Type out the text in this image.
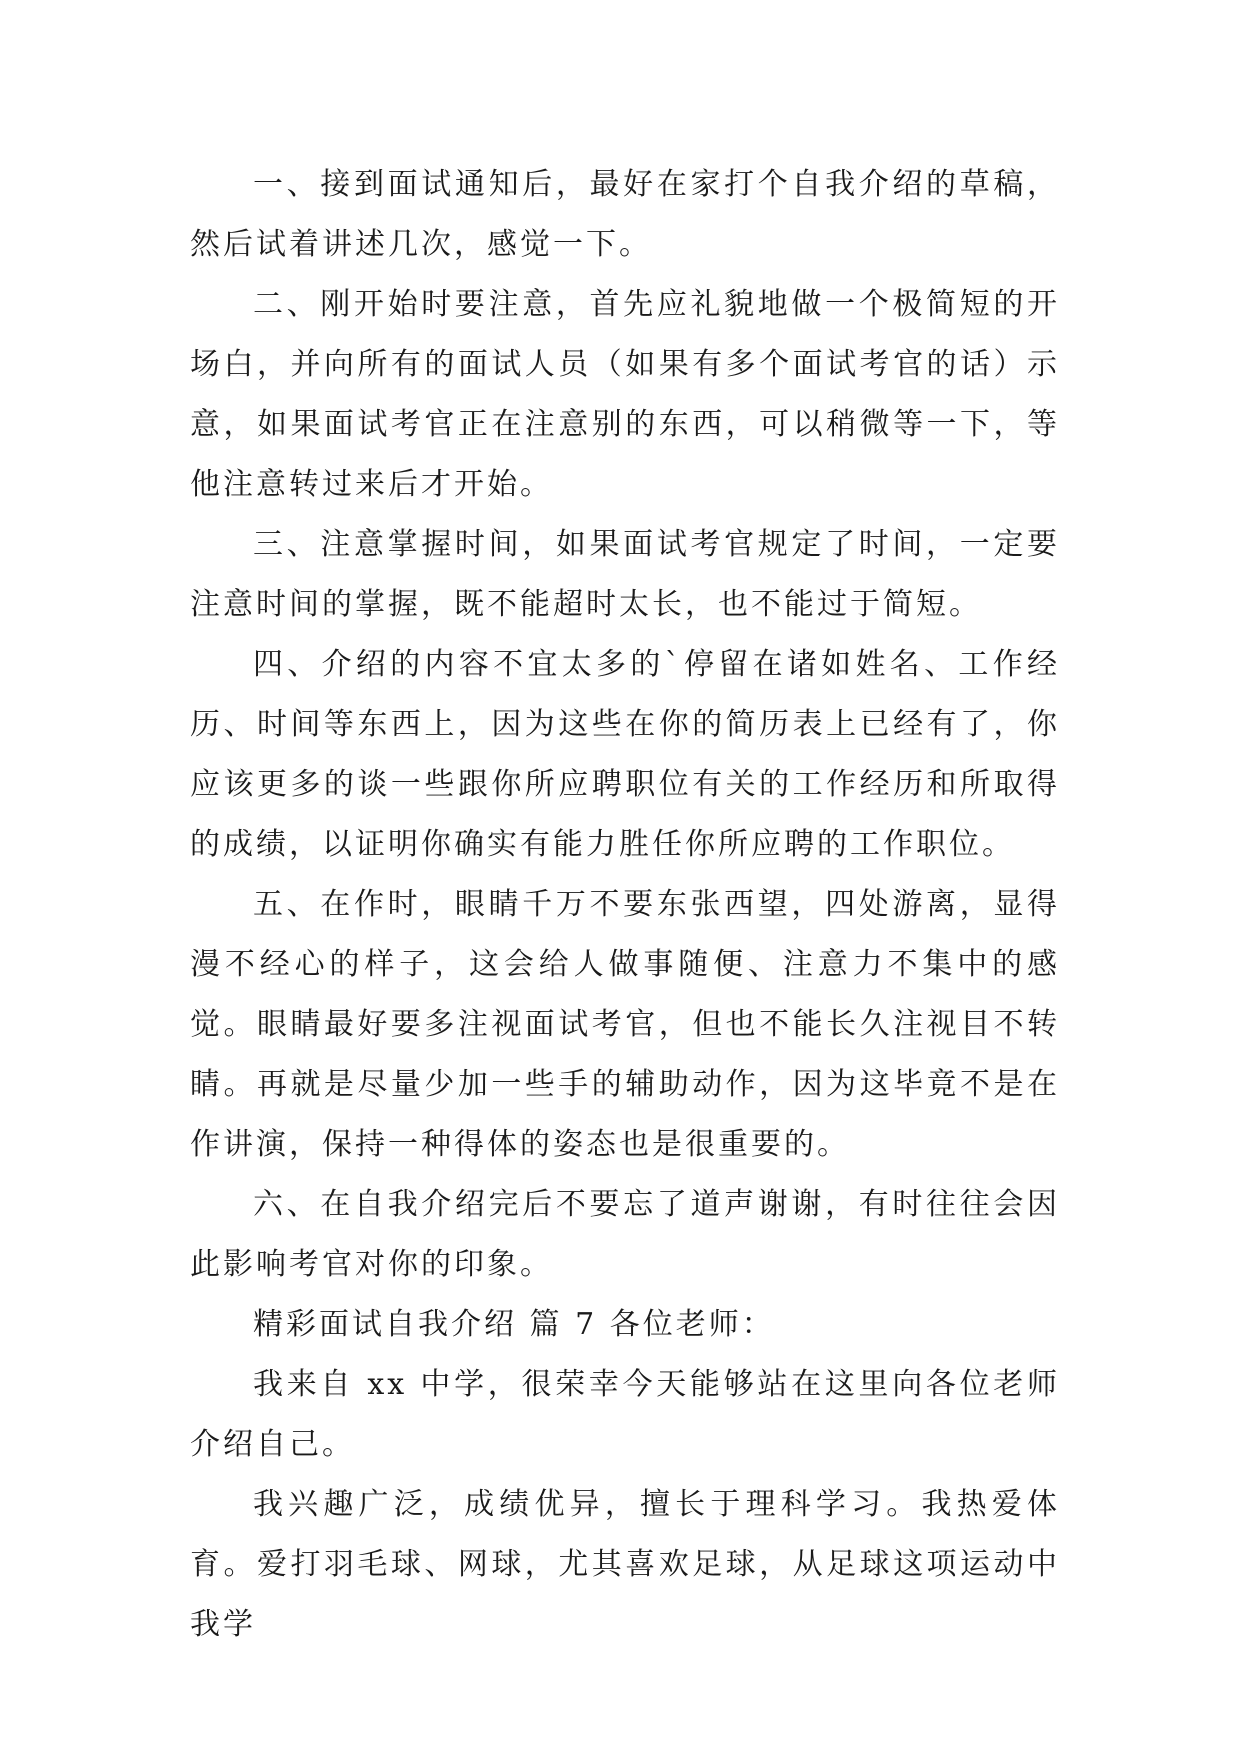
一、接到面试通知后，最好在家打个自我介绍的草稿，然后试着讲述几次，感觉一下。

二、刚开始时要注意，首先应礼貌地做一个极简短的开场白，并向所有的面试人员（如果有多个面试考官的话）示意，如果面试考官正在注意别的东西，可以稍微等一下，等他注意转过来后才开始。

三、注意掌握时间，如果面试考官规定了时间，一定要注意时间的掌握，既不能超时太长，也不能过于简短。

四、介绍的内容不宜太多的`停留在诸如姓名、工作经历、时间等东西上，因为这些在你的简历表上已经有了，你应该更多的谈一些跟你所应聘职位有关的工作经历和所取得的成绩，以证明你确实有能力胜任你所应聘的工作职位。

五、在作时，眼睛千万不要东张西望，四处游离，显得漫不经心的样子，这会给人做事随便、注意力不集中的感觉。眼睛最好要多注视面试考官，但也不能长久注视目不转睛。再就是尽量少加一些手的辅助动作，因为这毕竟不是在作讲演，保持一种得体的姿态也是很重要的。

六、在自我介绍完后不要忘了道声谢谢，有时往往会因此影响考官对你的印象。

精彩面试自我介绍 篇 7 各位老师：

我来自 xx 中学，很荣幸今天能够站在这里向各位老师介绍自己。

我兴趣广泛，成绩优异，擅长于理科学习。我热爱体育。爱打羽毛球、网球，尤其喜欢足球，从足球这项运动中我学
